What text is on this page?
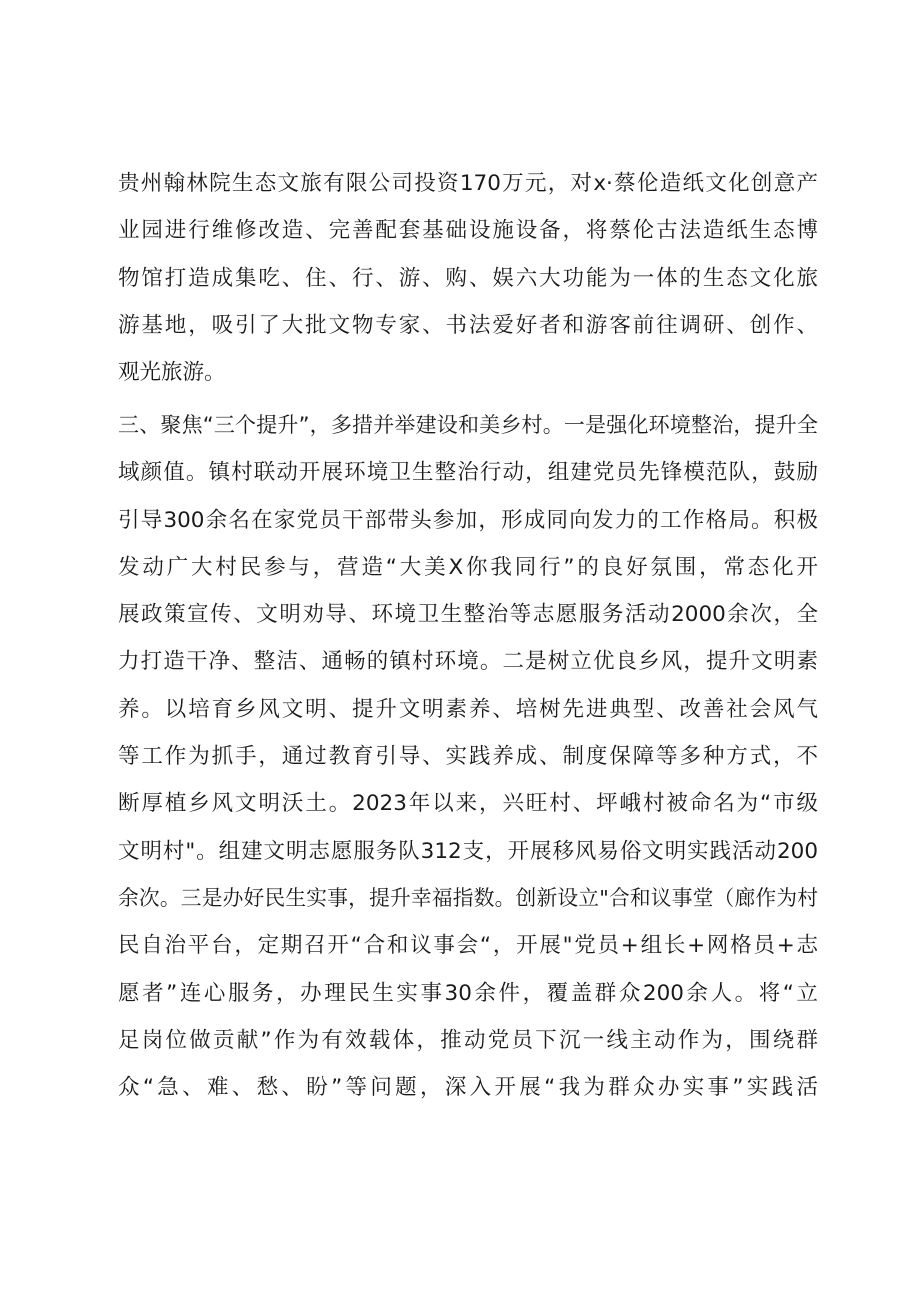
贵州翰林院生态文旅有限公司投资170万元，对x·蔡伦造纸文化创意产
业园进行维修改造、完善配套基础设施设备，将蔡伦古法造纸生态博
物馆打造成集吃、住、行、游、购、娱六大功能为一体的生态文化旅
游基地，吸引了大批文物专家、书法爱好者和游客前往调研、创作、
观光旅游。
三、聚焦“三个提升”，多措并举建设和美乡村。一是强化环境整治，提升全
域颜值。镇村联动开展环境卫生整治行动，组建党员先锋模范队，鼓励
引导300余名在家党员干部带头参加，形成同向发力的工作格局。积极
发动广大村民参与，营造“大美X你我同行”的良好氛围，常态化开
展政策宣传、文明劝导、环境卫生整治等志愿服务活动2000余次，全
力打造干净、整洁、通畅的镇村环境。二是树立优良乡风，提升文明素
养。以培育乡风文明、提升文明素养、培树先进典型、改善社会风气
等工作为抓手，通过教育引导、实践养成、制度保障等多种方式，不
断厚植乡风文明沃土。2023年以来，兴旺村、坪峨村被命名为“市级
文明村"。组建文明志愿服务队312支，开展移风易俗文明实践活动200
余次。三是办好民生实事，提升幸福指数。创新设立"合和议事堂（廊作为村
民自治平台，定期召开“合和议事会“，开展"党员+组长+网格员+志
愿者”连心服务，办理民生实事30余件，覆盖群众200余人。将“立
足岗位做贡献”作为有效载体，推动党员下沉一线主动作为，围绕群
众“急、难、愁、盼”等问题，深入开展“我为群众办实事”实践活
